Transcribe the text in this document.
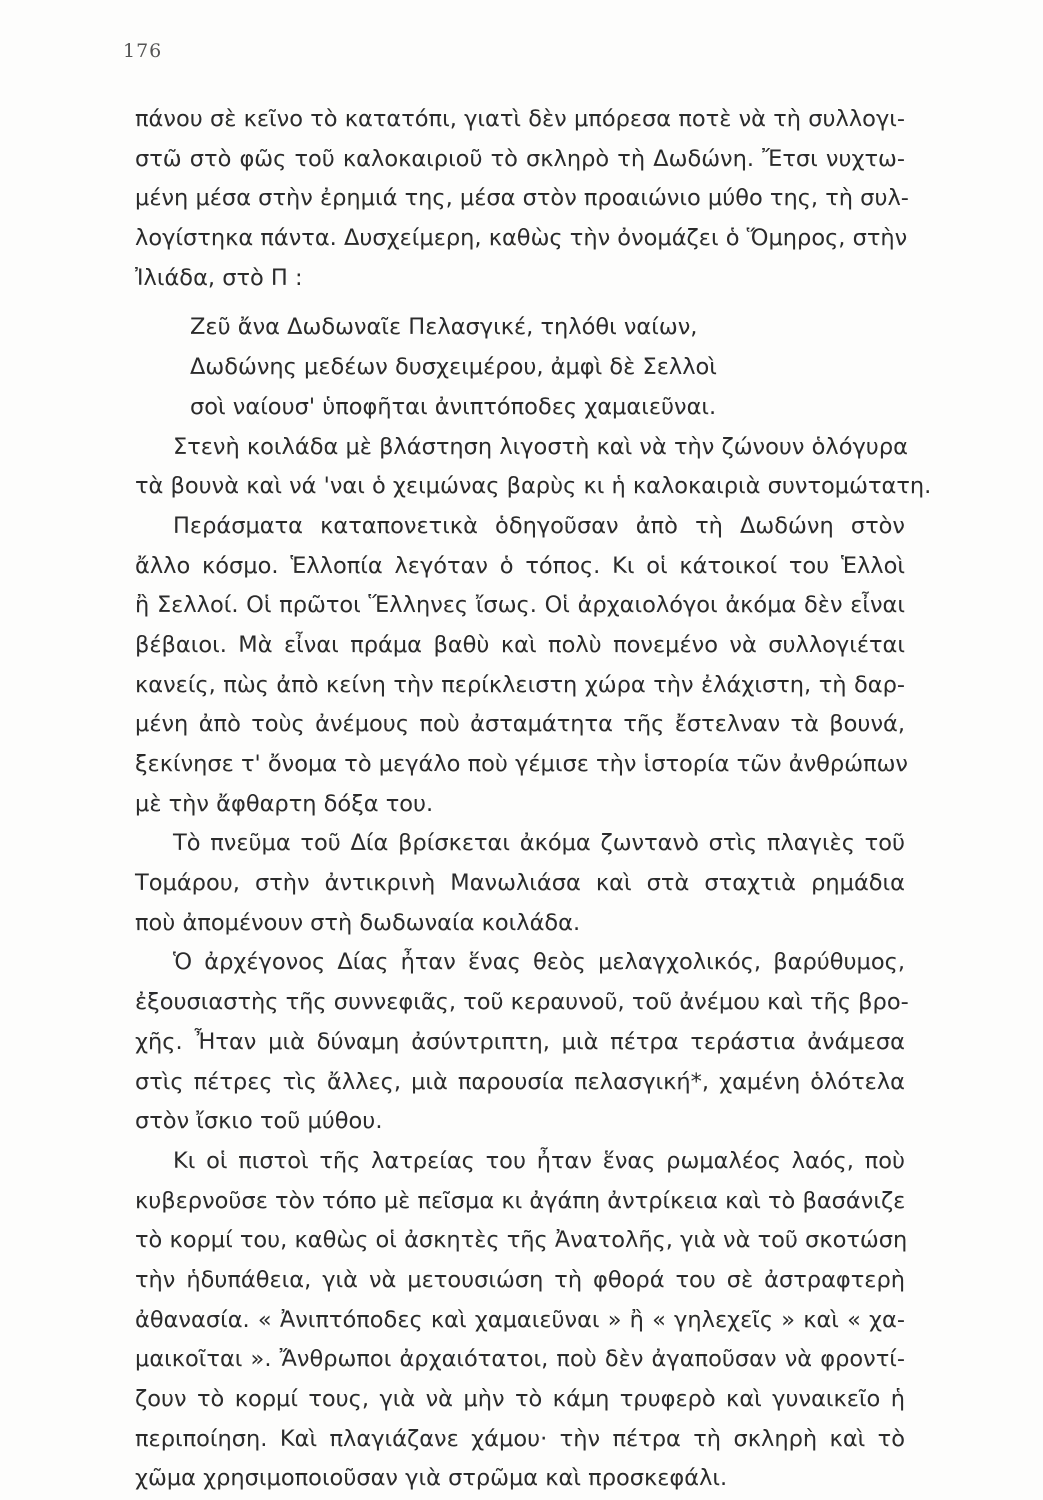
176
πάνου σὲ κεῖνο τὸ κατατόπι, γιατὶ δὲν μπόρεσα ποτὲ νὰ τὴ συλλογι-
στῶ στὸ φῶς τοῦ καλοκαιριοῦ τὸ σκληρὸ τὴ Δωδώνη. Ἔτσι νυχτω-
μένη μέσα στὴν ἐρημιά της, μέσα στὸν προαιώνιο μύθο της, τὴ συλ-
λογίστηκα πάντα. Δυσχείμερη, καθὼς τὴν ὀνομάζει ὁ Ὅμηρος, στὴν
Ἰλιάδα, στὸ Π :
Ζεῦ ἄνα Δωδωναῖε Πελασγικέ, τηλόθι ναίων,
Δωδώνης μεδέων δυσχειμέρου, ἀμφὶ δὲ Σελλοὶ
σοὶ ναίουσ' ὑποφῆται ἀνιπτόποδες χαμαιεῦναι.
Στενὴ κοιλάδα μὲ βλάστηση λιγοστὴ καὶ νὰ τὴν ζώνουν ὁλόγυρα
τὰ βουνὰ καὶ νά 'ναι ὁ χειμώνας βαρὺς κι ἡ καλοκαιριὰ συντομώτατη.
Περάσματα καταπονετικὰ ὁδηγοῦσαν ἀπὸ τὴ Δωδώνη στὸν
ἄλλο κόσμο. Ἑλλοπία λεγόταν ὁ τόπος. Κι οἱ κάτοικοί του Ἑλλοὶ
ἢ Σελλοί. Οἱ πρῶτοι Ἕλληνες ἴσως. Οἱ ἀρχαιολόγοι ἀκόμα δὲν εἶναι
βέβαιοι. Μὰ εἶναι πράμα βαθὺ καὶ πολὺ πονεμένο νὰ συλλογιέται
κανείς, πὼς ἀπὸ κείνη τὴν περίκλειστη χώρα τὴν ἐλάχιστη, τὴ δαρ-
μένη ἀπὸ τοὺς ἀνέμους ποὺ ἀσταμάτητα τῆς ἔστελναν τὰ βουνά,
ξεκίνησε τ' ὄνομα τὸ μεγάλο ποὺ γέμισε τὴν ἱστορία τῶν ἀνθρώπων
μὲ τὴν ἄφθαρτη δόξα του.
Τὸ πνεῦμα τοῦ Δία βρίσκεται ἀκόμα ζωντανὸ στὶς πλαγιὲς τοῦ
Τομάρου, στὴν ἀντικρινὴ Μανωλιάσα καὶ στὰ σταχτιὰ ρημάδια
ποὺ ἀπομένουν στὴ δωδωναία κοιλάδα.
Ὁ ἀρχέγονος Δίας ἦταν ἕνας θεὸς μελαγχολικός, βαρύθυμος,
ἐξουσιαστὴς τῆς συννεφιᾶς, τοῦ κεραυνοῦ, τοῦ ἀνέμου καὶ τῆς βρο-
χῆς. Ἦταν μιὰ δύναμη ἀσύντριπτη, μιὰ πέτρα τεράστια ἀνάμεσα
στὶς πέτρες τὶς ἄλλες, μιὰ παρουσία πελασγική*, χαμένη ὁλότελα
στὸν ἴσκιο τοῦ μύθου.
Κι οἱ πιστοὶ τῆς λατρείας του ἦταν ἕνας ρωμαλέος λαός, ποὺ
κυβερνοῦσε τὸν τόπο μὲ πεῖσμα κι ἀγάπη ἀντρίκεια καὶ τὸ βασάνιζε
τὸ κορμί του, καθὼς οἱ ἀσκητὲς τῆς Ἀνατολῆς, γιὰ νὰ τοῦ σκοτώση
τὴν ἡδυπάθεια, γιὰ νὰ μετουσιώση τὴ φθορά του σὲ ἀστραφτερὴ
ἀθανασία. « Ἀνιπτόποδες καὶ χαμαιεῦναι » ἢ « γηλεχεῖς » καὶ « χα-
μαικοῖται ». Ἄνθρωποι ἀρχαιότατοι, ποὺ δὲν ἀγαποῦσαν νὰ φροντί-
ζουν τὸ κορμί τους, γιὰ νὰ μὴν τὸ κάμη τρυφερὸ καὶ γυναικεῖο ἡ
περιποίηση. Καὶ πλαγιάζανε χάμου· τὴν πέτρα τὴ σκληρὴ καὶ τὸ
χῶμα χρησιμοποιοῦσαν γιὰ στρῶμα καὶ προσκεφάλι.
